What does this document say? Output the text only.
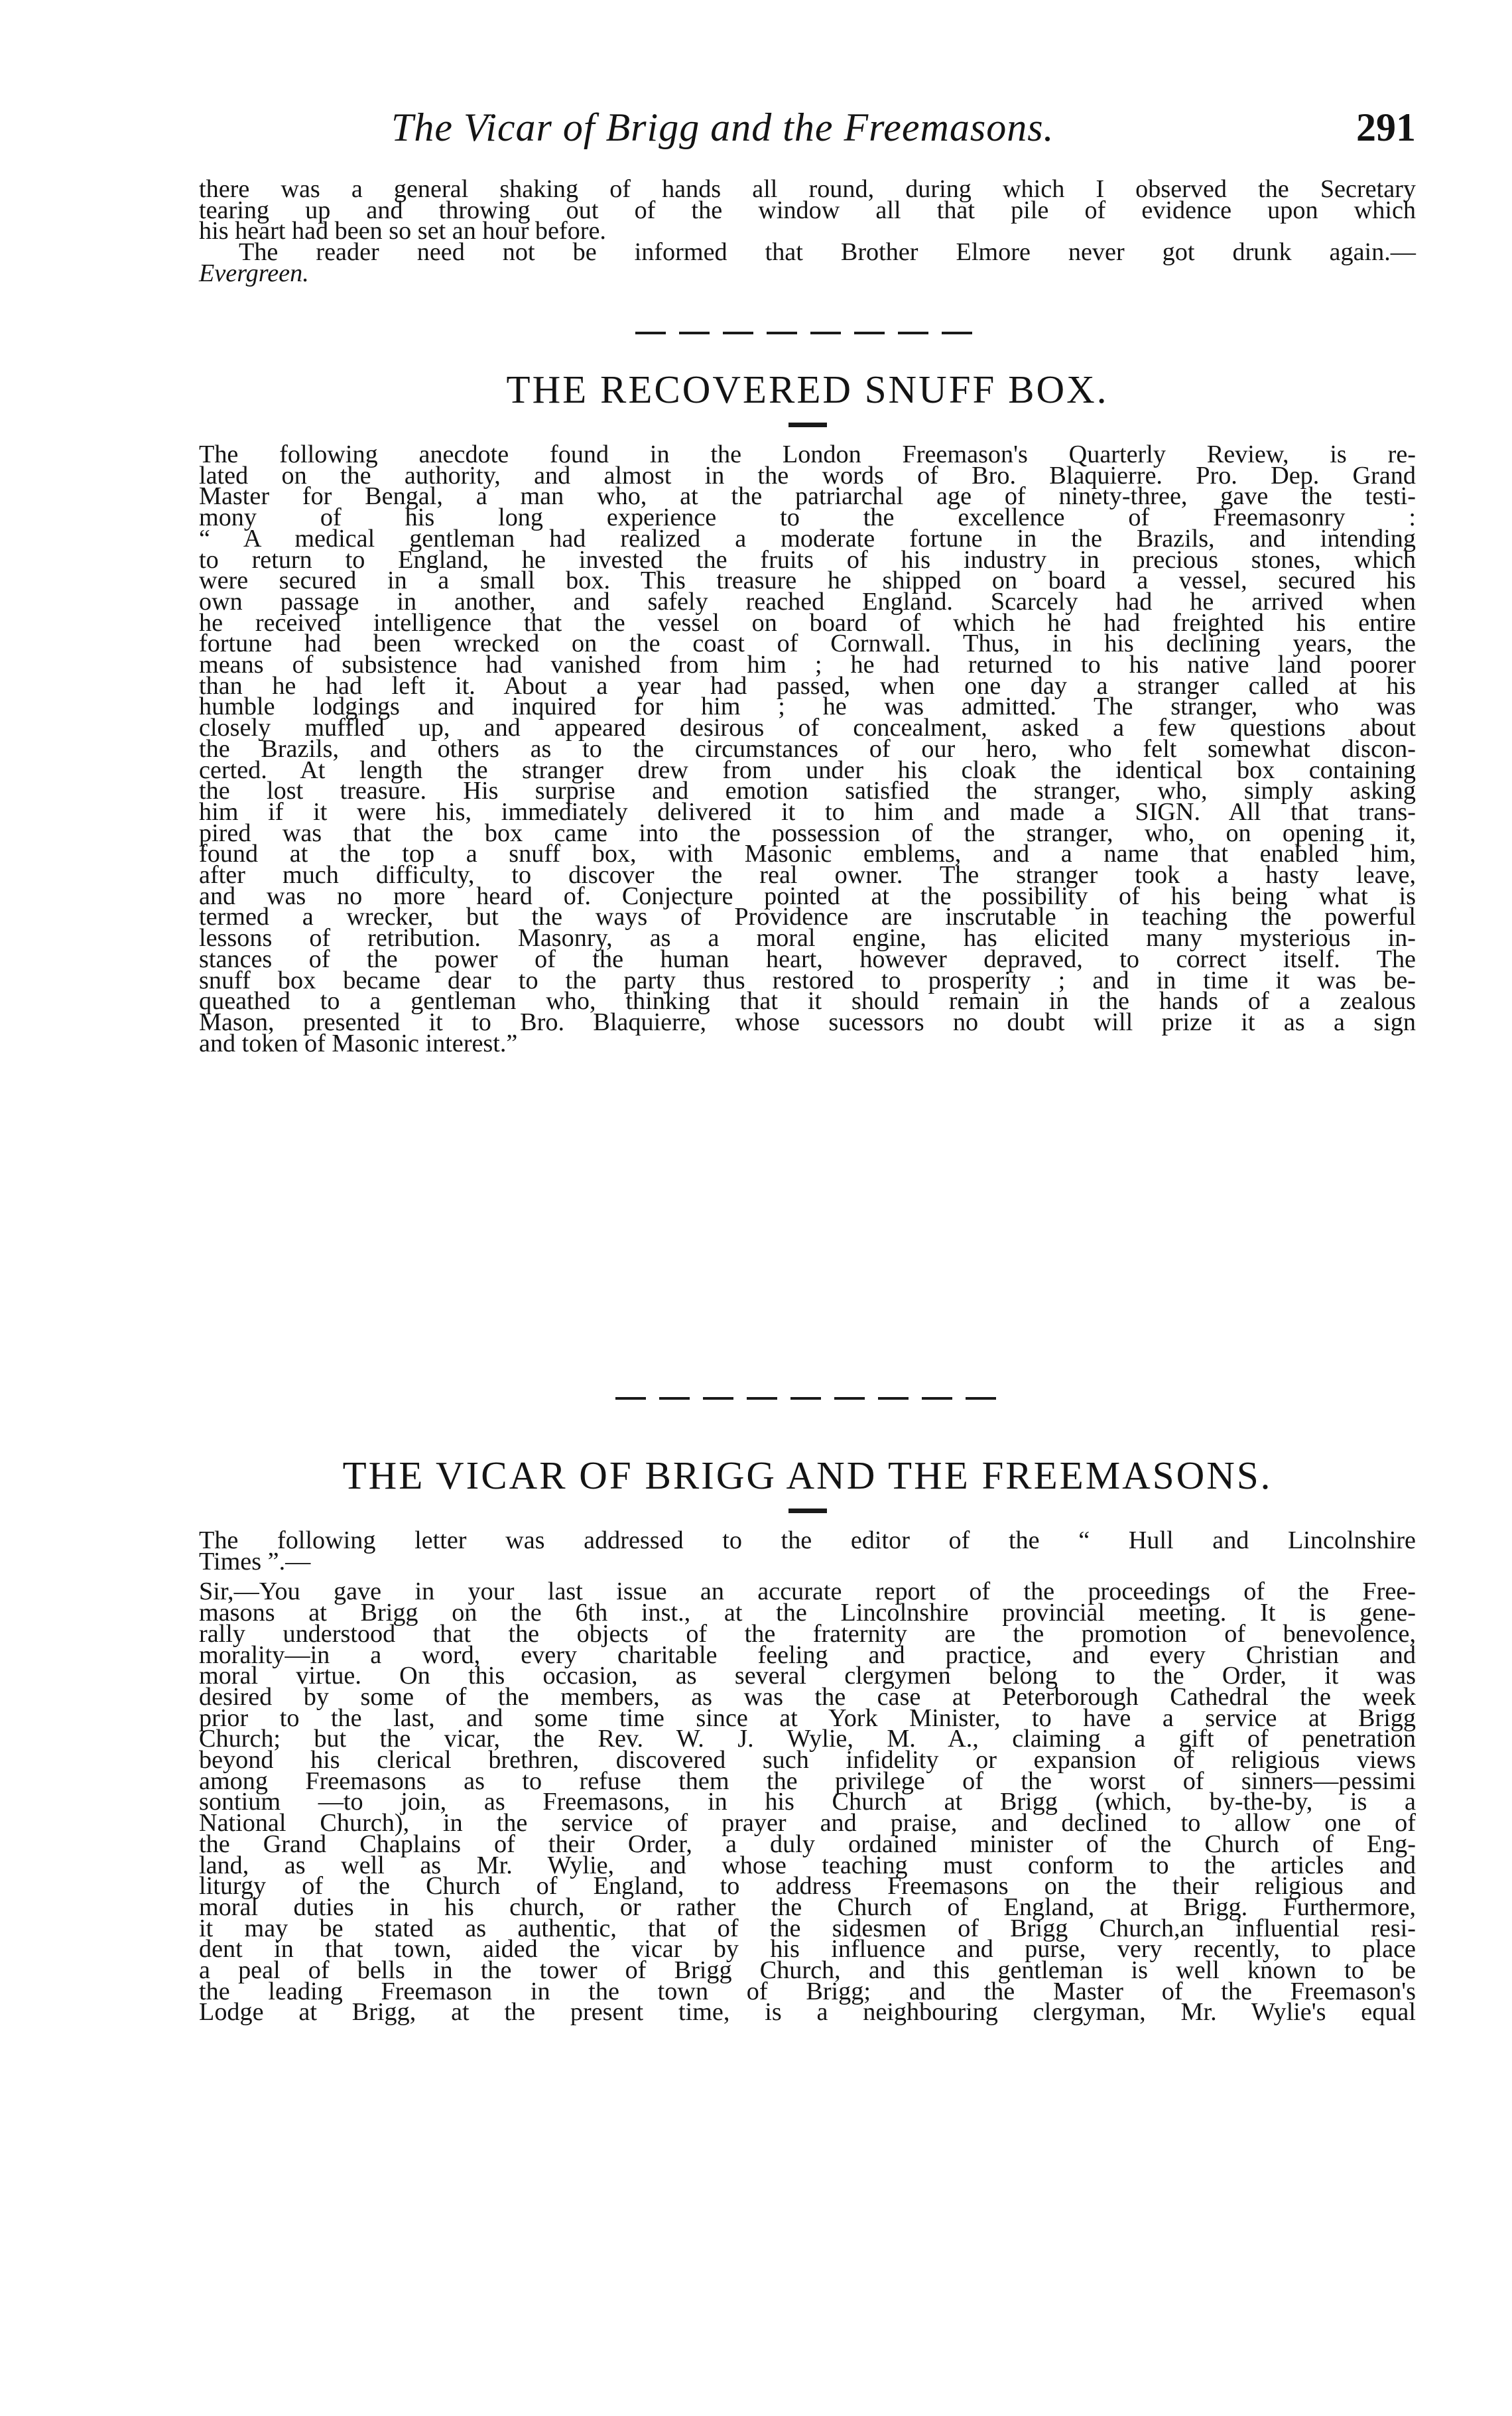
The Vicar of Brigg and the Freemasons.	291
there was a general shaking of hands all round, during which I observed the Secretary
tearing up and throwing out of the window all that pile of evidence upon which
his heart had been so set an hour before.
The reader need not be informed that Brother Elmore never got drunk again.—
Evergreen.
THE RECOVERED SNUFF BOX.
The following anecdote found in the London Freemason's Quarterly Review, is re-
lated on the authority, and almost in the words of Bro. Blaquierre. Pro. Dep. Grand
Master for Bengal, a man who, at the patriarchal age of ninety-three, gave the testi-
mony of his long experience to the excellence of Freemasonry :
“ A medical gentleman had realized a moderate fortune in the Brazils, and intending
to return to England, he invested the fruits of his industry in precious stones, which
were secured in a small box. This treasure he shipped on board a vessel, secured his
own passage in another, and safely reached England. Scarcely had he arrived when
he received intelligence that the vessel on board of which he had freighted his entire
fortune had been wrecked on the coast of Cornwall. Thus, in his declining years, the
means of subsistence had vanished from him ; he had returned to his native land poorer
than he had left it. About a year had passed, when one day a stranger called at his
humble lodgings and inquired for him ; he was admitted. The stranger, who was
closely muffled up, and appeared desirous of concealment, asked a few questions about
the Brazils, and others as to the circumstances of our hero, who felt somewhat discon-
certed. At length the stranger drew from under his cloak the identical box containing
the lost treasure. His surprise and emotion satisfied the stranger, who, simply asking
him if it were his, immediately delivered it to him and made a SIGN. All that trans-
pired was that the box came into the possession of the stranger, who, on opening it,
found at the top a snuff box, with Masonic emblems, and a name that enabled him,
after much difficulty, to discover the real owner. The stranger took a hasty leave,
and was no more heard of. Conjecture pointed at the possibility of his being what is
termed a wrecker, but the ways of Providence are inscrutable in teaching the powerful
lessons of retribution. Masonry, as a moral engine, has elicited many mysterious in-
stances of the power of the human heart, however depraved, to correct itself. The
snuff box became dear to the party thus restored to prosperity ; and in time it was be-
queathed to a gentleman who, thinking that it should remain in the hands of a zealous
Mason, presented it to Bro. Blaquierre, whose sucessors no doubt will prize it as a sign
and token of Masonic interest.”
THE VICAR OF BRIGG AND THE FREEMASONS.
The following letter was addressed to the editor of the “ Hull and Lincolnshire
Times ”.—
Sir,—You gave in your last issue an accurate report of the proceedings of the Free-
masons at Brigg on the 6th inst., at the Lincolnshire provincial meeting. It is gene-
rally understood that the objects of the fraternity are the promotion of benevolence,
morality—in a word, every charitable feeling and practice, and every Christian and
moral virtue. On this occasion, as several clergymen belong to the Order, it was
desired by some of the members, as was the case at Peterborough Cathedral the week
prior to the last, and some time since at York Minister, to have a service at Brigg
Church; but the vicar, the Rev. W. J. Wylie, M. A., claiming a gift of penetration
beyond his clerical brethren, discovered such infidelity or expansion of religious views
among Freemasons as to refuse them the privilege of the worst of sinners—pessimi
sontium —to join, as Freemasons, in his Church at Brigg (which, by-the-by, is a
National Church), in the service of prayer and praise, and declined to allow one of
the Grand Chaplains of their Order, a duly ordained minister of the Church of Eng-
land, as well as Mr. Wylie, and whose teaching must conform to the articles and
liturgy of the Church of England, to address Freemasons on the their religious and
moral duties in his church, or rather the Church of England, at Brigg. Furthermore,
it may be stated as authentic, that of the sidesmen of Brigg Church,an influential resi-
dent in that town, aided the vicar by his influence and purse, very recently, to place
a peal of bells in the tower of Brigg Church, and this gentleman is well known to be
the leading Freemason in the town of Brigg; and the Master of the Freemason's
Lodge at Brigg, at the present time, is a neighbouring clergyman, Mr. Wylie's equal
